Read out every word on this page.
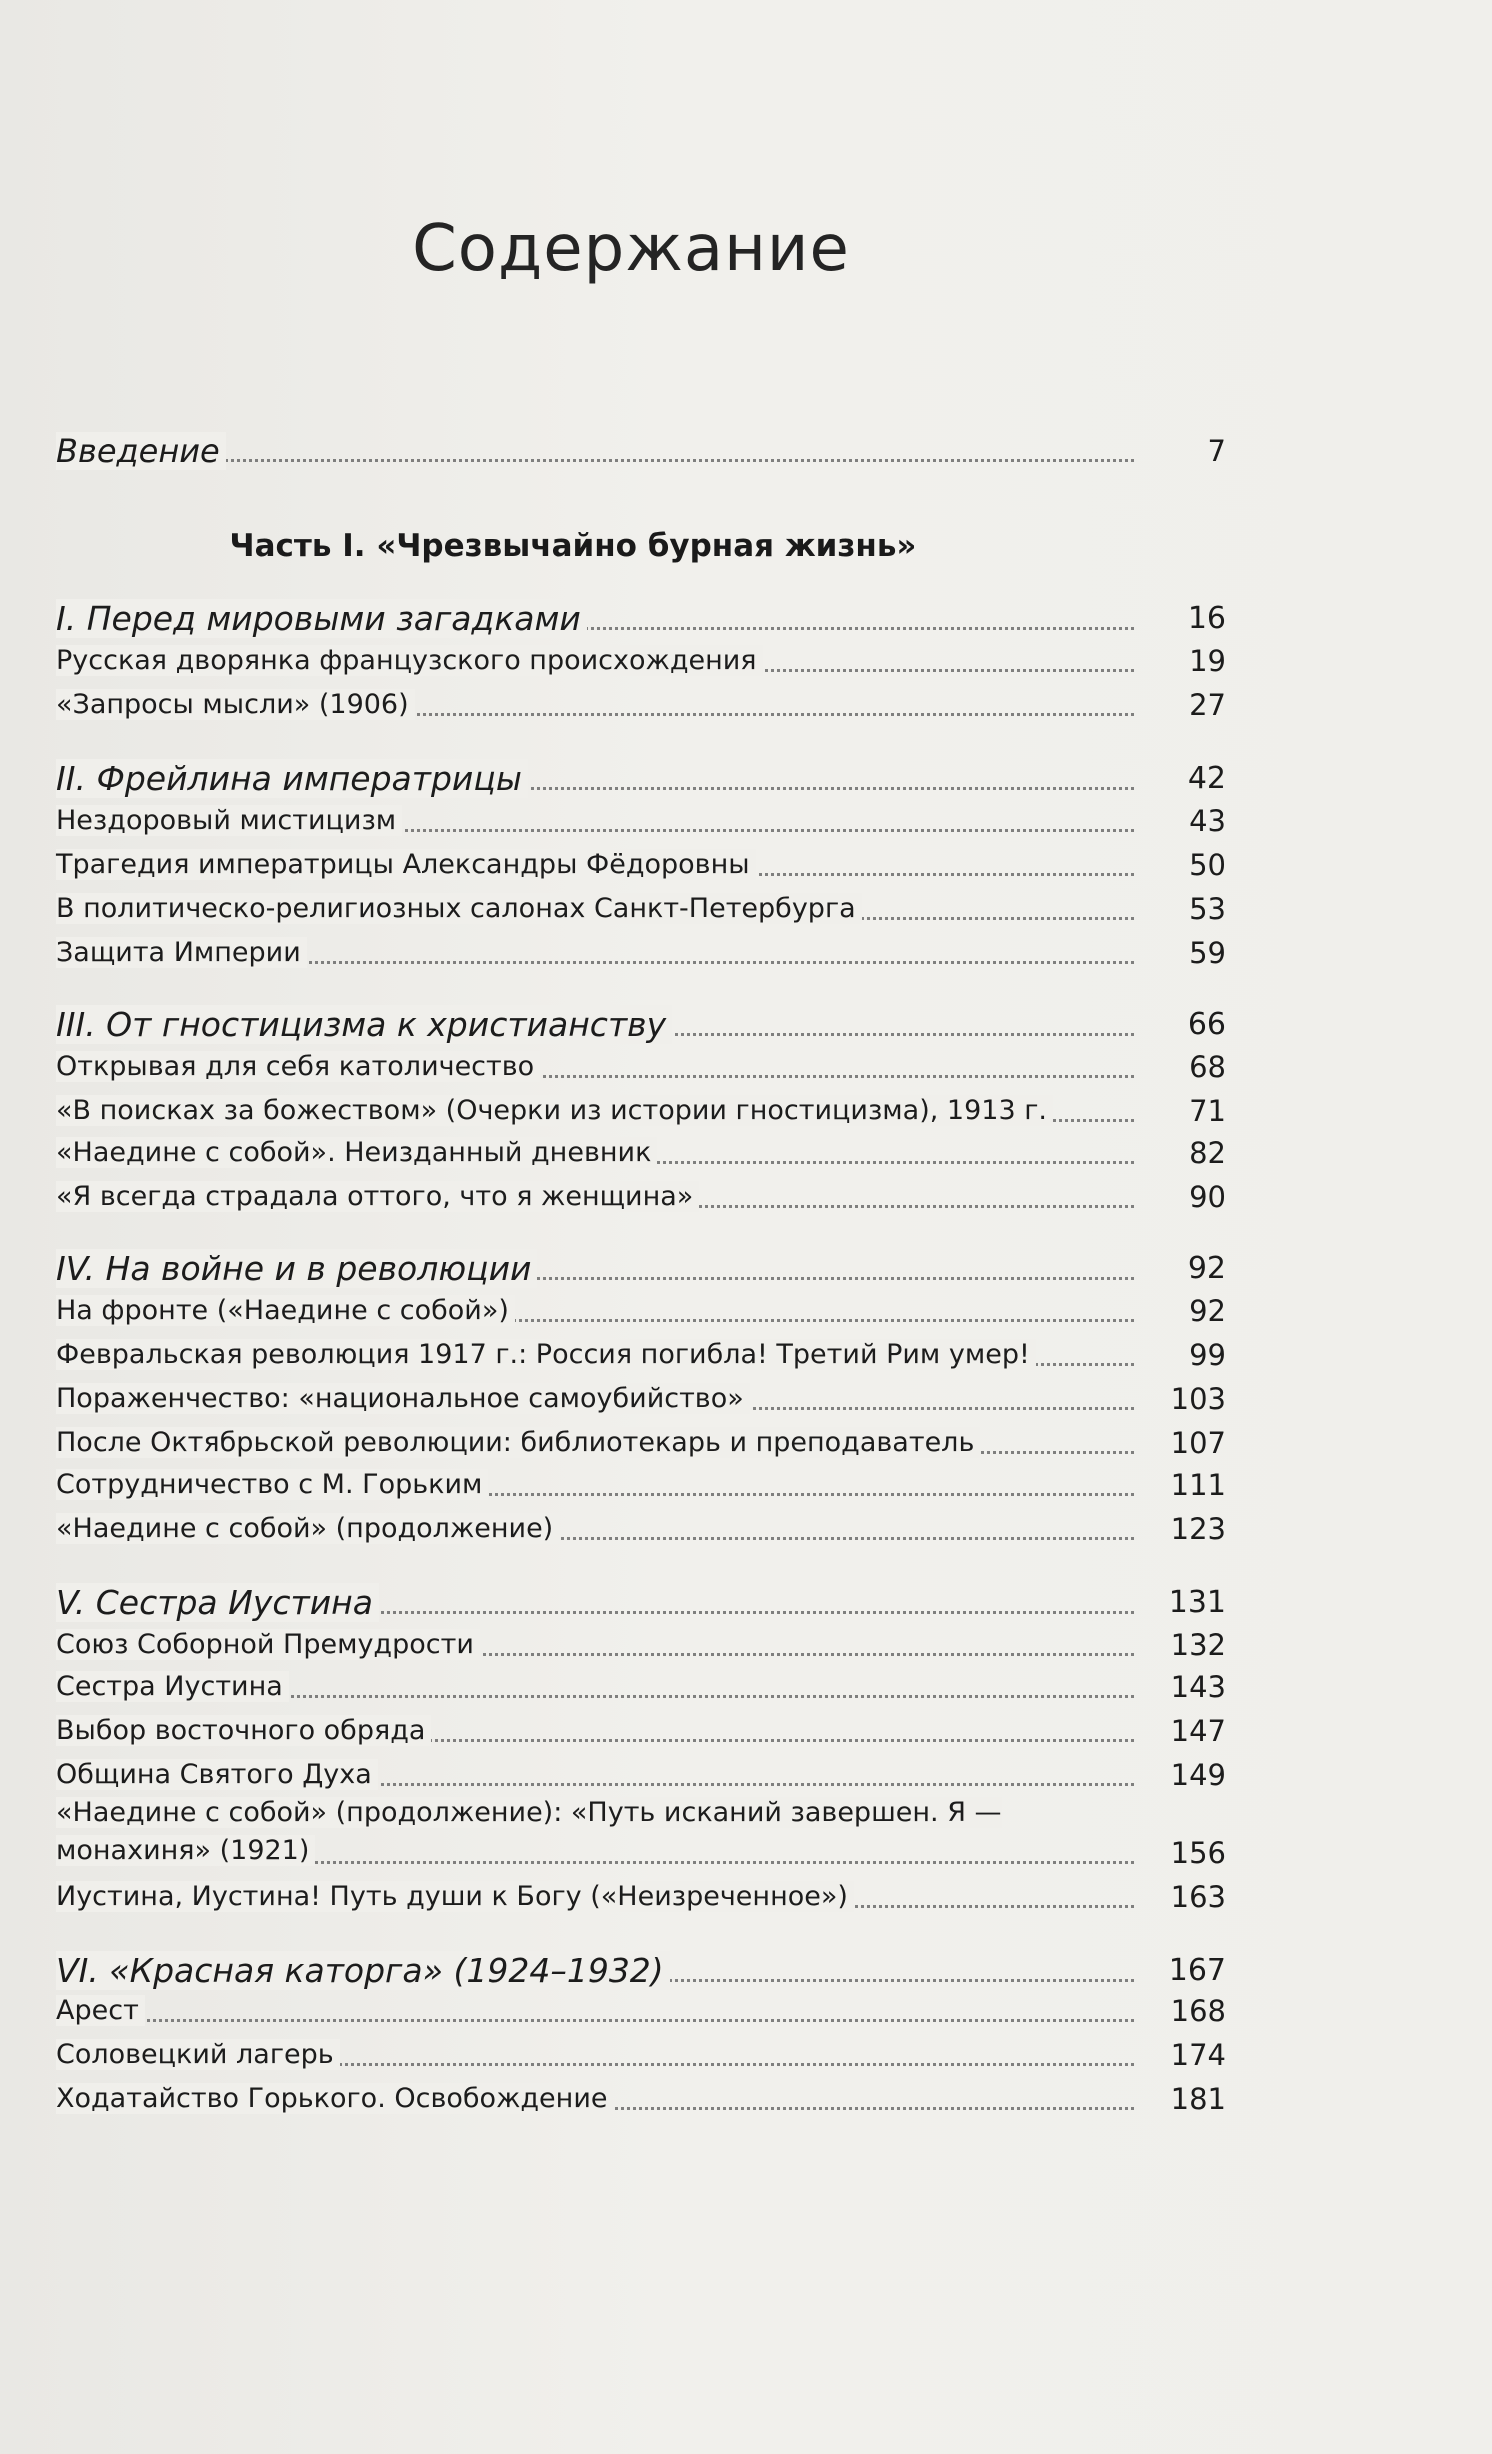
Содержание
Введение	7
Часть I. «Чрезвычайно бурная жизнь»
I. Перед мировыми загадками	16
Русская дворянка французского происхождения	19
«Запросы мысли» (1906)	27
II. Фрейлина императрицы	42
Нездоровый мистицизм	43
Трагедия императрицы Александры Фёдоровны	50
В политическо-религиозных салонах Санкт-Петербурга	53
Защита Империи	59
III. От гностицизма к христианству	66
Открывая для себя католичество	68
«В поисках за божеством» (Очерки из истории гностицизма), 1913 г.	71
«Наедине с собой». Неизданный дневник	82
«Я всегда страдала оттого, что я женщина»	90
IV. На войне и в революции	92
На фронте («Наедине с собой»)	92
Февральская революция 1917 г.: Россия погибла! Третий Рим умер!	99
Пораженчество: «национальное самоубийство»	103
После Октябрьской революции: библиотекарь и преподаватель	107
Сотрудничество с М. Горьким	111
«Наедине с собой» (продолжение)	123
V. Сестра Иустина	131
Союз Соборной Премудрости	132
Сестра Иустина	143
Выбор восточного обряда	147
Община Святого Духа	149
«Наедине с собой» (продолжение): «Путь исканий завершен. Я — монахиня» (1921)	156
Иустина, Иустина! Путь души к Богу («Неизреченное»)	163
VI. «Красная каторга» (1924–1932)	167
Арест	168
Соловецкий лагерь	174
Ходатайство Горького. Освобождение	181
